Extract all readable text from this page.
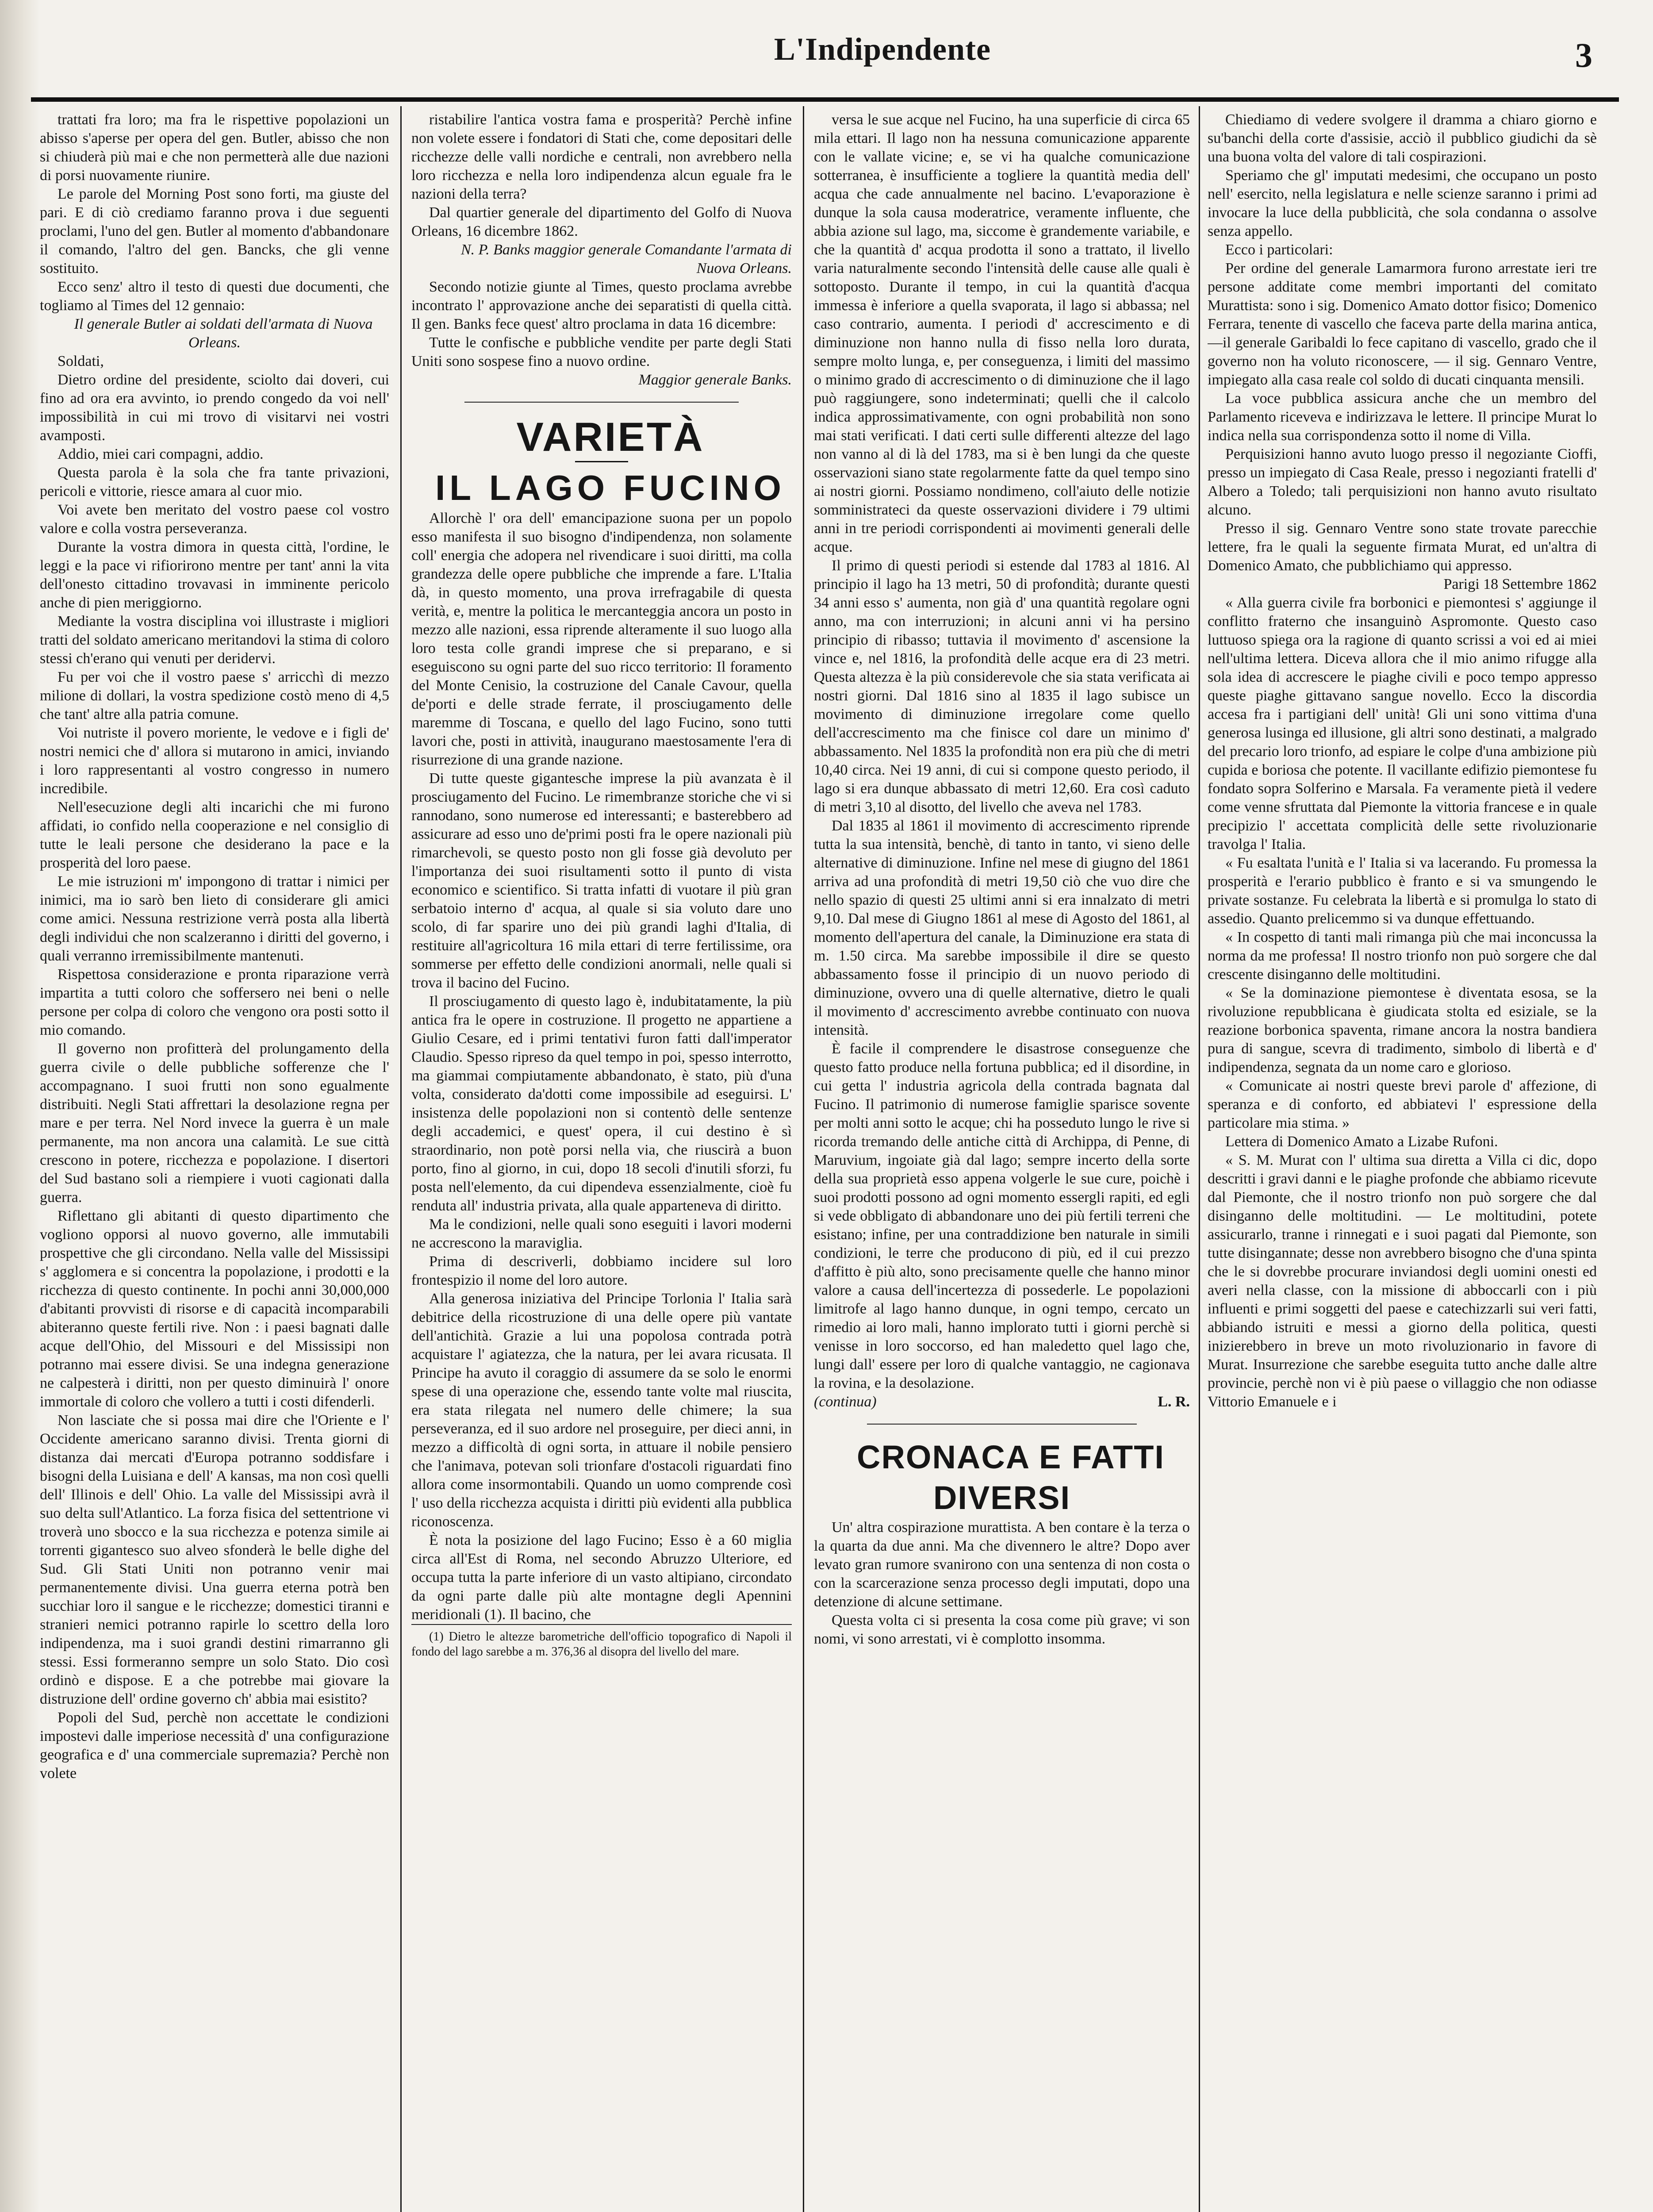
L'Indipendente	3

trattati fra loro; ma fra le rispettive popolazioni un abisso s'aperse per opera del gen. Butler, abisso che non si chiuderà più mai e che non permetterà alle due nazioni di porsi nuovamente riunire.

Le parole del Morning Post sono forti, ma giuste del pari. E di ciò crediamo faranno prova i due seguenti proclami, l'uno del gen. Butler al momento d'abbandonare il comando, l'altro del gen. Bancks, che gli venne sostituito.

Ecco senz' altro il testo di questi due documenti, che togliamo al Times del 12 gennaio:

Il generale Butler ai soldati dell'armata di Nuova Orleans.

Soldati,

Dietro ordine del presidente, sciolto dai doveri, cui fino ad ora era avvinto, io prendo congedo da voi nell' impossibilità in cui mi trovo di visitarvi nei vostri avamposti.

Addio, miei cari compagni, addio.

Questa parola è la sola che fra tante privazioni, pericoli e vittorie, riesce amara al cuor mio.

Voi avete ben meritato del vostro paese col vostro valore e colla vostra perseveranza.

Durante la vostra dimora in questa città, l'ordine, le leggi e la pace vi rifiorirono mentre per tant' anni la vita dell'onesto cittadino trovavasi in imminente pericolo anche di pien meriggiorno.

Mediante la vostra disciplina voi illustraste i migliori tratti del soldato americano meritandovi la stima di coloro stessi ch'erano qui venuti per deridervi.

Fu per voi che il vostro paese s' arricchì di mezzo milione di dollari, la vostra spedizione costò meno di 4,5 che tant' altre alla patria comune.

Voi nutriste il povero moriente, le vedove e i figli de' nostri nemici che d' allora si mutarono in amici, inviando i loro rappresentanti al vostro congresso in numero incredibile.

Nell'esecuzione degli alti incarichi che mi furono affidati, io confido nella cooperazione e nel consiglio di tutte le leali persone che desiderano la pace e la prosperità del loro paese.

Le mie istruzioni m' impongono di trattar i nimici per inimici, ma io sarò ben lieto di considerare gli amici come amici. Nessuna restrizione verrà posta alla libertà degli individui che non scalzeranno i diritti del governo, i quali verranno irremissibilmente mantenuti.

Rispettosa considerazione e pronta riparazione verrà impartita a tutti coloro che soffersero nei beni o nelle persone per colpa di coloro che vengono ora posti sotto il mio comando.

Il governo non profitterà del prolungamento della guerra civile o delle pubbliche sofferenze che l' accompagnano. I suoi frutti non sono egualmente distribuiti. Negli Stati affrettari la desolazione regna per mare e per terra. Nel Nord invece la guerra è un male permanente, ma non ancora una calamità. Le sue città crescono in potere, ricchezza e popolazione. I disertori del Sud bastano soli a riempiere i vuoti cagionati dalla guerra.

Riflettano gli abitanti di questo dipartimento che vogliono opporsi al nuovo governo, alle immutabili prospettive che gli circondano. Nella valle del Mississipi s' agglomera e si concentra la popolazione, i prodotti e la ricchezza di questo continente. In pochi anni 30,000,000 d'abitanti provvisti di risorse e di capacità incomparabili abiteranno queste fertili rive. Non : i paesi bagnati dalle acque dell'Ohio, del Missouri e del Mississipi non potranno mai essere divisi. Se una indegna generazione ne calpesterà i diritti, non per questo diminuirà l' onore immortale di coloro che vollero a tutti i costi difenderli.

Non lasciate che si possa mai dire che l'Oriente e l' Occidente americano saranno divisi. Trenta giorni di distanza dai mercati d'Europa potranno soddisfare i bisogni della Luisiana e dell' A kansas, ma non così quelli dell' Illinois e dell' Ohio. La valle del Mississipi avrà il suo delta sull'Atlantico. La forza fisica del settentrione vi troverà uno sbocco e la sua ricchezza e potenza simile ai torrenti gigantesco suo alveo sfonderà le belle dighe del Sud. Gli Stati Uniti non potranno venir mai permanentemente divisi. Una guerra eterna potrà ben succhiar loro il sangue e le ricchezze; domestici tiranni e stranieri nemici potranno rapirle lo scettro della loro indipendenza, ma i suoi grandi destini rimarranno gli stessi. Essi formeranno sempre un solo Stato. Dio così ordinò e dispose. E a che potrebbe mai giovare la distruzione dell' ordine governo ch' abbia mai esistito?

Popoli del Sud, perchè non accettate le condizioni impostevi dalle imperiose necessità d' una configurazione geografica e d' una commerciale supremazia? Perchè non volete

ristabilire l'antica vostra fama e prosperità? Perchè infine non volete essere i fondatori di Stati che, come depositari delle ricchezze delle valli nordiche e centrali, non avrebbero nella loro ricchezza e nella loro indipendenza alcun eguale fra le nazioni della terra?

Dal quartier generale del dipartimento del Golfo di Nuova Orleans, 16 dicembre 1862.

N. P. Banks maggior generale Comandante l'armata di Nuova Orleans.

Secondo notizie giunte al Times, questo proclama avrebbe incontrato l' approvazione anche dei separatisti di quella città. Il gen. Banks fece quest' altro proclama in data 16 dicembre:

Tutte le confische e pubbliche vendite per parte degli Stati Uniti sono sospese fino a nuovo ordine.

Maggior generale Banks.

VARIETÀ

IL LAGO FUCINO

Allorchè l' ora dell' emancipazione suona per un popolo esso manifesta il suo bisogno d'indipendenza, non solamente coll' energia che adopera nel rivendicare i suoi diritti, ma colla grandezza delle opere pubbliche che imprende a fare. L'Italia dà, in questo momento, una prova irrefragabile di questa verità, e, mentre la politica le mercanteggia ancora un posto in mezzo alle nazioni, essa riprende alteramente il suo luogo alla loro testa colle grandi imprese che si preparano, e si eseguiscono su ogni parte del suo ricco territorio: Il foramento del Monte Cenisio, la costruzione del Canale Cavour, quella de'porti e delle strade ferrate, il prosciugamento delle maremme di Toscana, e quello del lago Fucino, sono tutti lavori che, posti in attività, inaugurano maestosamente l'era di risurrezione di una grande nazione.

Di tutte queste gigantesche imprese la più avanzata è il prosciugamento del Fucino. Le rimembranze storiche che vi si rannodano, sono numerose ed interessanti; e basterebbero ad assicurare ad esso uno de'primi posti fra le opere nazionali più rimarchevoli, se questo posto non gli fosse già devoluto per l'importanza dei suoi risultamenti sotto il punto di vista economico e scientifico. Si tratta infatti di vuotare il più gran serbatoio interno d' acqua, al quale si sia voluto dare uno scolo, di far sparire uno dei più grandi laghi d'Italia, di restituire all'agricoltura 16 mila ettari di terre fertilissime, ora sommerse per effetto delle condizioni anormali, nelle quali si trova il bacino del Fucino.

Il prosciugamento di questo lago è, indubitatamente, la più antica fra le opere in costruzione. Il progetto ne appartiene a Giulio Cesare, ed i primi tentativi furon fatti dall'imperator Claudio. Spesso ripreso da quel tempo in poi, spesso interrotto, ma giammai compiutamente abbandonato, è stato, più d'una volta, considerato da'dotti come impossibile ad eseguirsi. L' insistenza delle popolazioni non si contentò delle sentenze degli accademici, e quest' opera, il cui destino è sì straordinario, non potè porsi nella via, che riuscirà a buon porto, fino al giorno, in cui, dopo 18 secoli d'inutili sforzi, fu posta nell'elemento, da cui dipendeva essenzialmente, cioè fu renduta all' industria privata, alla quale apparteneva di diritto.

Ma le condizioni, nelle quali sono eseguiti i lavori moderni ne accrescono la maraviglia.

Prima di descriverli, dobbiamo incidere sul loro frontespizio il nome del loro autore.

Alla generosa iniziativa del Principe Torlonia l' Italia sarà debitrice della ricostruzione di una delle opere più vantate dell'antichità. Grazie a lui una popolosa contrada potrà acquistare l' agiatezza, che la natura, per lei avara ricusata. Il Principe ha avuto il coraggio di assumere da se solo le enormi spese di una operazione che, essendo tante volte mal riuscita, era stata rilegata nel numero delle chimere; la sua perseveranza, ed il suo ardore nel proseguire, per dieci anni, in mezzo a difficoltà di ogni sorta, in attuare il nobile pensiero che l'animava, potevan soli trionfare d'ostacoli riguardati fino allora come insormontabili. Quando un uomo comprende così l' uso della ricchezza acquista i diritti più evidenti alla pubblica riconoscenza.

È nota la posizione del lago Fucino; Esso è a 60 miglia circa all'Est di Roma, nel secondo Abruzzo Ulteriore, ed occupa tutta la parte inferiore di un vasto altipiano, circondato da ogni parte dalle più alte montagne degli Apennini meridionali (1). Il bacino, che

(1) Dietro le altezze barometriche dell'officio topografico di Napoli il fondo del lago sarebbe a m. 376,36 al disopra del livello del mare.

versa le sue acque nel Fucino, ha una superficie di circa 65 mila ettari. Il lago non ha nessuna comunicazione apparente con le vallate vicine; e, se vi ha qualche comunicazione sotterranea, è insufficiente a togliere la quantità media dell' acqua che cade annualmente nel bacino. L'evaporazione è dunque la sola causa moderatrice, veramente influente, che abbia azione sul lago, ma, siccome è grandemente variabile, e che la quantità d' acqua prodotta il sono a trattato, il livello varia naturalmente secondo l'intensità delle cause alle quali è sottoposto. Durante il tempo, in cui la quantità d'acqua immessa è inferiore a quella svaporata, il lago si abbassa; nel caso contrario, aumenta. I periodi d' accrescimento e di diminuzione non hanno nulla di fisso nella loro durata, sempre molto lunga, e, per conseguenza, i limiti del massimo o minimo grado di accrescimento o di diminuzione che il lago può raggiungere, sono indeterminati; quelli che il calcolo indica approssimativamente, con ogni probabilità non sono mai stati verificati. I dati certi sulle differenti altezze del lago non vanno al di là del 1783, ma si è ben lungi da che queste osservazioni siano state regolarmente fatte da quel tempo sino ai nostri giorni. Possiamo nondimeno, coll'aiuto delle notizie somministrateci da queste osservazioni dividere i 79 ultimi anni in tre periodi corrispondenti ai movimenti generali delle acque.

Il primo di questi periodi si estende dal 1783 al 1816. Al principio il lago ha 13 metri, 50 di profondità; durante questi 34 anni esso s' aumenta, non già d' una quantità regolare ogni anno, ma con interruzioni; in alcuni anni vi ha persino principio di ribasso; tuttavia il movimento d' ascensione la vince e, nel 1816, la profondità delle acque era di 23 metri. Questa altezza è la più considerevole che sia stata verificata ai nostri giorni. Dal 1816 sino al 1835 il lago subisce un movimento di diminuzione irregolare come quello dell'accrescimento ma che finisce col dare un minimo d' abbassamento. Nel 1835 la profondità non era più che di metri 10,40 circa. Nei 19 anni, di cui si compone questo periodo, il lago si era dunque abbassato di metri 12,60. Era così caduto di metri 3,10 al disotto, del livello che aveva nel 1783.

Dal 1835 al 1861 il movimento di accrescimento riprende tutta la sua intensità, benchè, di tanto in tanto, vi sieno delle alternative di diminuzione. Infine nel mese di giugno del 1861 arriva ad una profondità di metri 19,50 ciò che vuo dire che nello spazio di questi 25 ultimi anni si era innalzato di metri 9,10. Dal mese di Giugno 1861 al mese di Agosto del 1861, al momento dell'apertura del canale, la Diminuzione era stata di m. 1.50 circa. Ma sarebbe impossibile il dire se questo abbassamento fosse il principio di un nuovo periodo di diminuzione, ovvero una di quelle alternative, dietro le quali il movimento d' accrescimento avrebbe continuato con nuova intensità.

È facile il comprendere le disastrose conseguenze che questo fatto produce nella fortuna pubblica; ed il disordine, in cui getta l' industria agricola della contrada bagnata dal Fucino. Il patrimonio di numerose famiglie sparisce sovente per molti anni sotto le acque; chi ha posseduto lungo le rive si ricorda tremando delle antiche città di Archippa, di Penne, di Maruvium, ingoiate già dal lago; sempre incerto della sorte della sua proprietà esso appena volgerle le sue cure, poichè i suoi prodotti possono ad ogni momento essergli rapiti, ed egli si vede obbligato di abbandonare uno dei più fertili terreni che esistano; infine, per una contraddizione ben naturale in simili condizioni, le terre che producono di più, ed il cui prezzo d'affitto è più alto, sono precisamente quelle che hanno minor valore a causa dell'incertezza di possederle. Le popolazioni limitrofe al lago hanno dunque, in ogni tempo, cercato un rimedio ai loro mali, hanno implorato tutti i giorni perchè si venisse in loro soccorso, ed han maledetto quel lago che, lungi dall' essere per loro di qualche vantaggio, ne cagionava la rovina, e la desolazione.

(continua)	L. R.

CRONACA E FATTI DIVERSI

Un' altra cospirazione murattista. A ben contare è la terza o la quarta da due anni. Ma che divennero le altre? Dopo aver levato gran rumore svanirono con una sentenza di non costa o con la scarcerazione senza processo degli imputati, dopo una detenzione di alcune settimane.

Questa volta ci si presenta la cosa come più grave; vi son nomi, vi sono arrestati, vi è complotto insomma.

Chiediamo di vedere svolgere il dramma a chiaro giorno e su'banchi della corte d'assisie, acciò il pubblico giudichi da sè una buona volta del valore di tali cospirazioni.

Speriamo che gl' imputati medesimi, che occupano un posto nell' esercito, nella legislatura e nelle scienze saranno i primi ad invocare la luce della pubblicità, che sola condanna o assolve senza appello.

Ecco i particolari:

Per ordine del generale Lamarmora furono arrestate ieri tre persone additate come membri importanti del comitato Murattista: sono i sig. Domenico Amato dottor fisico; Domenico Ferrara, tenente di vascello che faceva parte della marina antica,—il generale Garibaldi lo fece capitano di vascello, grado che il governo non ha voluto riconoscere, — il sig. Gennaro Ventre, impiegato alla casa reale col soldo di ducati cinquanta mensili.

La voce pubblica assicura anche che un membro del Parlamento riceveva e indirizzava le lettere. Il principe Murat lo indica nella sua corrispondenza sotto il nome di Villa.

Perquisizioni hanno avuto luogo presso il negoziante Cioffi, presso un impiegato di Casa Reale, presso i negozianti fratelli d' Albero a Toledo; tali perquisizioni non hanno avuto risultato alcuno.

Presso il sig. Gennaro Ventre sono state trovate parecchie lettere, fra le quali la seguente firmata Murat, ed un'altra di Domenico Amato, che pubblichiamo qui appresso.

Parigi 18 Settembre 1862

« Alla guerra civile fra borbonici e piemontesi s' aggiunge il conflitto fraterno che insanguinò Aspromonte. Questo caso luttuoso spiega ora la ragione di quanto scrissi a voi ed ai miei nell'ultima lettera. Diceva allora che il mio animo rifugge alla sola idea di accrescere le piaghe civili e poco tempo appresso queste piaghe gittavano sangue novello. Ecco la discordia accesa fra i partigiani dell' unità! Gli uni sono vittima d'una generosa lusinga ed illusione, gli altri sono destinati, a malgrado del precario loro trionfo, ad espiare le colpe d'una ambizione più cupida e boriosa che potente. Il vacillante edifizio piemontese fu fondato sopra Solferino e Marsala. Fa veramente pietà il vedere come venne sfruttata dal Piemonte la vittoria francese e in quale precipizio l' accettata complicità delle sette rivoluzionarie travolga l' Italia.

« Fu esaltata l'unità e l' Italia si va lacerando. Fu promessa la prosperità e l'erario pubblico è franto e si va smungendo le private sostanze. Fu celebrata la libertà e si promulga lo stato di assedio. Quanto prelicemmo si va dunque effettuando.

« In cospetto di tanti mali rimanga più che mai inconcussa la norma da me professa! Il nostro trionfo non può sorgere che dal crescente disinganno delle moltitudini.

« Se la dominazione piemontese è diventata esosa, se la rivoluzione repubblicana è giudicata stolta ed esiziale, se la reazione borbonica spaventa, rimane ancora la nostra bandiera pura di sangue, scevra di tradimento, simbolo di libertà e d' indipendenza, segnata da un nome caro e glorioso.

« Comunicate ai nostri queste brevi parole d' affezione, di speranza e di conforto, ed abbiatevi l' espressione della particolare mia stima. »

Lettera di Domenico Amato a Lizabe Rufoni.

« S. M. Murat con l' ultima sua diretta a Villa ci dic, dopo descritti i gravi danni e le piaghe profonde che abbiamo ricevute dal Piemonte, che il nostro trionfo non può sorgere che dal disinganno delle moltitudini. — Le moltitudini, potete assicurarlo, tranne i rinnegati e i suoi pagati dal Piemonte, son tutte disingannate; desse non avrebbero bisogno che d'una spinta che le si dovrebbe procurare inviandosi degli uomini onesti ed averi nella classe, con la missione di abboccarli con i più influenti e primi soggetti del paese e catechizzarli sui veri fatti, abbiando istruiti e messi a giorno della politica, questi inizierebbero in breve un moto rivoluzionario in favore di Murat. Insurrezione che sarebbe eseguita tutto anche dalle altre provincie, perchè non vi è più paese o villaggio che non odiasse Vittorio Emanuele e i
